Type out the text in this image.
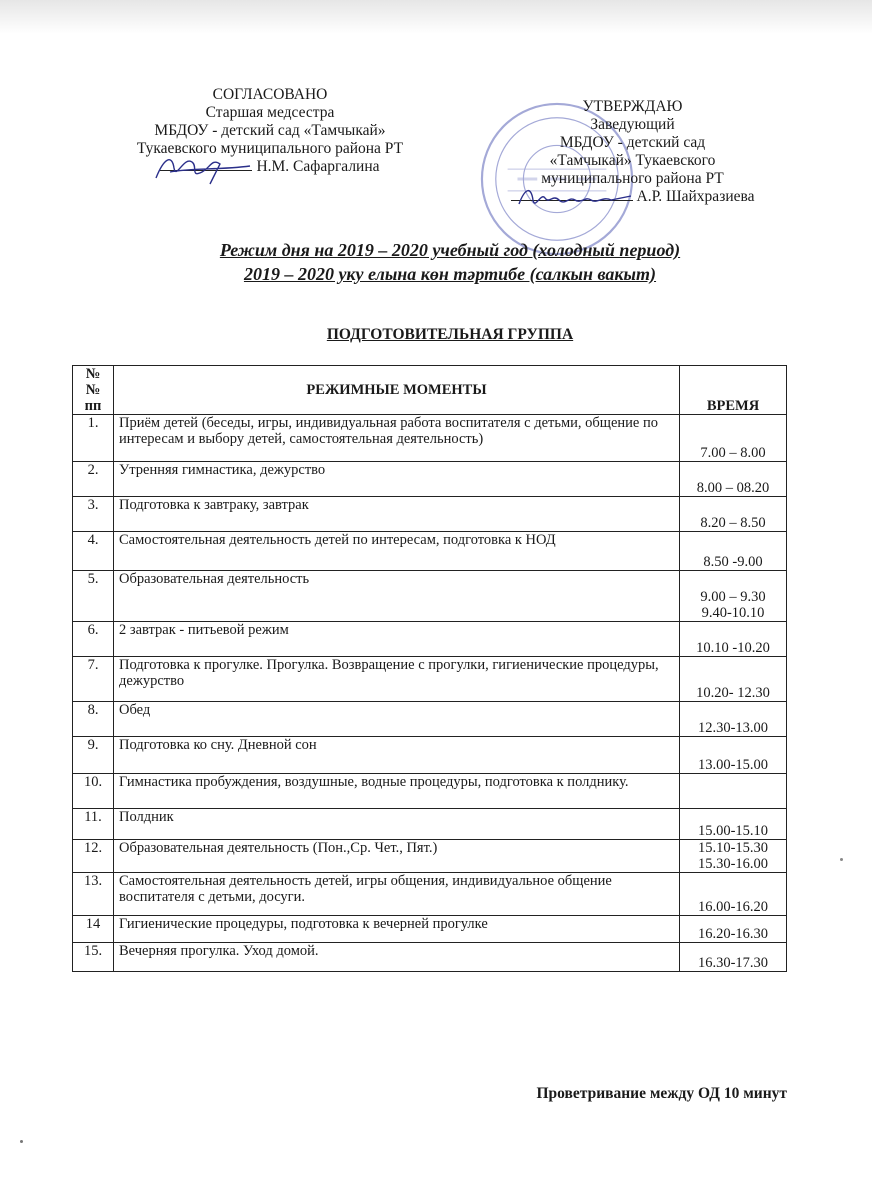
СОГЛАСОВАНО
Старшая медсестра
МБДОУ - детский сад «Тамчыкай»
Тукаевского муниципального района РТ
Н.М. Сафаргалина
УТВЕРЖДАЮ
Заведующий
МБДОУ - детский сад
«Тамчыкай» Тукаевского
муниципального района РТ
А.Р. Шайхразиева
Режим дня на 2019 – 2020 учебный год (холодный период)
2019 – 2020 уку елына көн тәртибе (салкын вакыт)
ПОДГОТОВИТЕЛЬНАЯ ГРУППА
№
№
пп	РЕЖИМНЫЕ МОМЕНТЫ	ВРЕМЯ
1.	Приём детей (беседы, игры, индивидуальная работа воспитателя с детьми, общение по интересам и выбору детей, самостоятельная деятельность)	7.00 – 8.00
2.	Утренняя гимнастика, дежурство	8.00 – 08.20
3.	Подготовка к завтраку, завтрак	8.20 – 8.50
4.	Самостоятельная деятельность детей по интересам, подготовка к НОД	8.50 -9.00
5.	Образовательная деятельность	9.00 – 9.30
9.40-10.10

6.	2 завтрак - питьевой режим	10.10 -10.20
7.	Подготовка к прогулке. Прогулка. Возвращение с прогулки, гигиенические процедуры, дежурство	10.20- 12.30
8.	Обед	12.30-13.00
9.	Подготовка ко сну. Дневной сон	13.00-15.00
10.	Гимнастика пробуждения, воздушные, водные процедуры, подготовка к полднику.	
11.	Полдник	15.00-15.10
12.	Образовательная деятельность (Пон.,Ср. Чет., Пят.)	15.10-15.30
15.30-16.00

13.	Самостоятельная деятельность детей, игры общения, индивидуальное общение воспитателя с детьми, досуги.	16.00-16.20
14	Гигиенические процедуры, подготовка к вечерней прогулке	16.20-16.30
15.	Вечерняя прогулка. Уход домой.	16.30-17.30
Проветривание между ОД 10 минут
